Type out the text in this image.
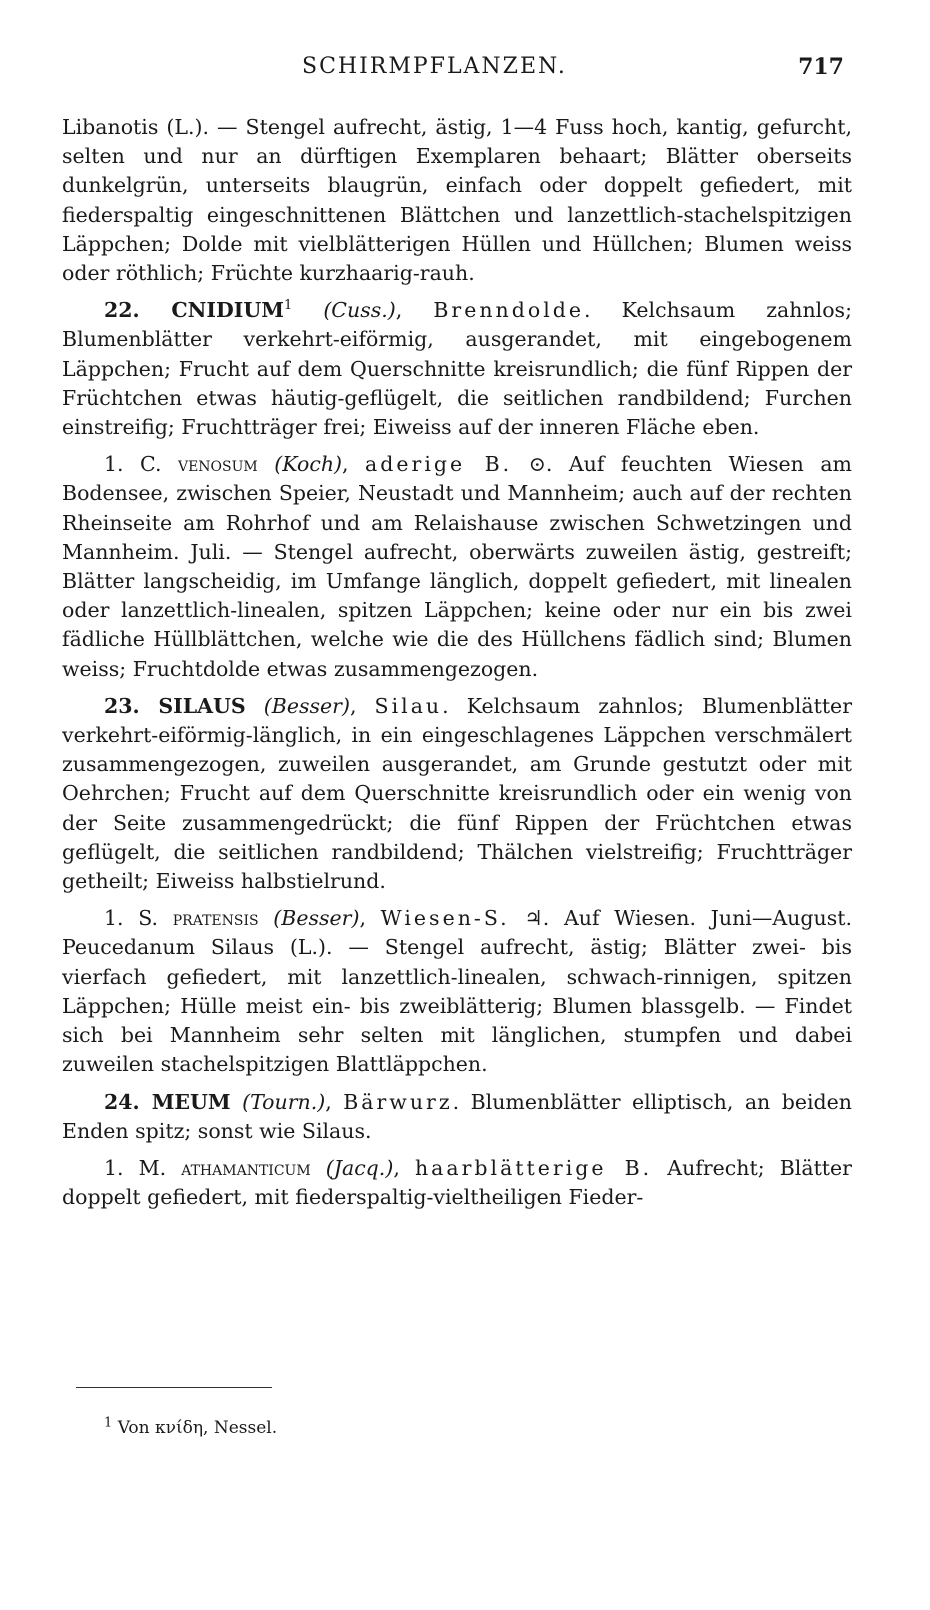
SCHIRMPFLANZEN.	717

Libanotis (L.). — Stengel aufrecht, ästig, 1—4 Fuss hoch, kantig, gefurcht, selten und nur an dürftigen Exemplaren behaart; Blätter oberseits dunkelgrün, unterseits blaugrün, einfach oder doppelt gefiedert, mit fiederspaltig eingeschnittenen Blättchen und lanzettlich-stachelspitzigen Läppchen; Dolde mit vielblätterigen Hüllen und Hüllchen; Blumen weiss oder röthlich; Früchte kurzhaarig-rauh.

22. CNIDIUM$^1$ (Cuss.), Brenndolde. Kelchsaum zahnlos; Blumenblätter verkehrt-eiförmig, ausgerandet, mit eingebogenem Läppchen; Frucht auf dem Querschnitte kreisrundlich; die fünf Rippen der Früchtchen etwas häutig-geflügelt, die seitlichen randbildend; Furchen einstreifig; Fruchtträger frei; Eiweiss auf der inneren Fläche eben.

1. C. venosum (Koch), aderige B. ⊙. Auf feuchten Wiesen am Bodensee, zwischen Speier, Neustadt und Mannheim; auch auf der rechten Rheinseite am Rohrhof und am Relaishause zwischen Schwetzingen und Mannheim. Juli. — Stengel aufrecht, oberwärts zuweilen ästig, gestreift; Blätter langscheidig, im Umfange länglich, doppelt gefiedert, mit linealen oder lanzettlich-linealen, spitzen Läppchen; keine oder nur ein bis zwei fädliche Hüllblättchen, welche wie die des Hüllchens fädlich sind; Blumen weiss; Fruchtdolde etwas zusammengezogen.

23. SILAUS (Besser), Silau. Kelchsaum zahnlos; Blumenblätter verkehrt-eiförmig-länglich, in ein eingeschlagenes Läppchen verschmälert zusammengezogen, zuweilen ausgerandet, am Grunde gestutzt oder mit Oehrchen; Frucht auf dem Querschnitte kreisrundlich oder ein wenig von der Seite zusammengedrückt; die fünf Rippen der Früchtchen etwas geflügelt, die seitlichen randbildend; Thälchen vielstreifig; Fruchtträger getheilt; Eiweiss halbstielrund.

1. S. pratensis (Besser), Wiesen-S. ♃. Auf Wiesen. Juni—August. Peucedanum Silaus (L.). — Stengel aufrecht, ästig; Blätter zwei- bis vierfach gefiedert, mit lanzettlich-linealen, schwach-rinnigen, spitzen Läppchen; Hülle meist ein- bis zweiblätterig; Blumen blassgelb. — Findet sich bei Mannheim sehr selten mit länglichen, stumpfen und dabei zuweilen stachelspitzigen Blattläppchen.

24. MEUM (Tourn.), Bärwurz. Blumenblätter elliptisch, an beiden Enden spitz; sonst wie Silaus.

1. M. athamanticum (Jacq.), haarblätterige B. Aufrecht; Blätter doppelt gefiedert, mit fiederspaltig-vieltheiligen Fieder-

$^1$ Von κνίδη, Nessel.
